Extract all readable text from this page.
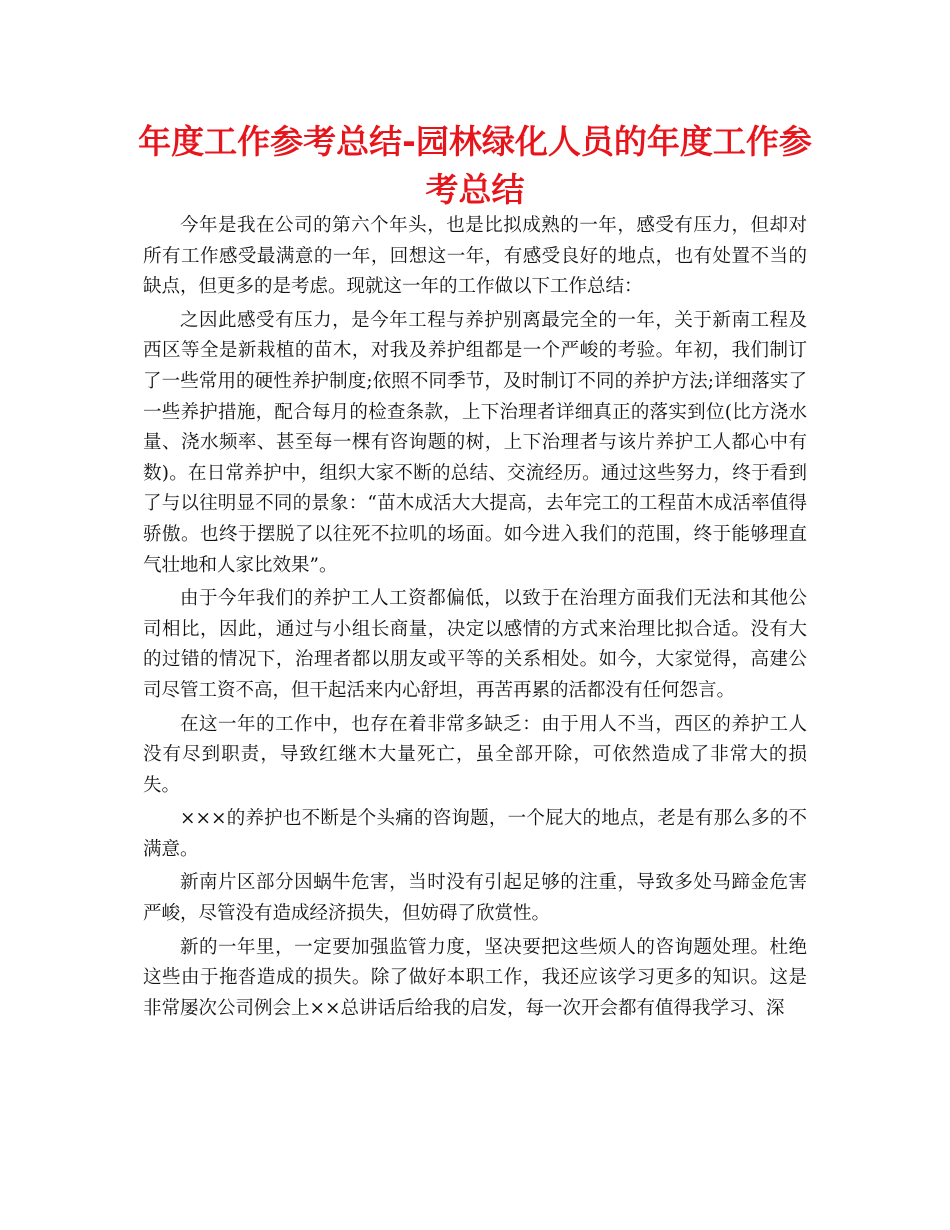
年度工作参考总结-园林绿化人员的年度工作参考总结

今年是我在公司的第六个年头，也是比拟成熟的一年，感受有压力，但却对所有工作感受最满意的一年，回想这一年，有感受良好的地点，也有处置不当的缺点，但更多的是考虑。现就这一年的工作做以下工作总结：

之因此感受有压力，是今年工程与养护别离最完全的一年，关于新南工程及西区等全是新栽植的苗木，对我及养护组都是一个严峻的考验。年初，我们制订了一些常用的硬性养护制度;依照不同季节，及时制订不同的养护方法;详细落实了一些养护措施，配合每月的检查条款，上下治理者详细真正的落实到位(比方浇水量、浇水频率、甚至每一棵有咨询题的树，上下治理者与该片养护工人都心中有数)。在日常养护中，组织大家不断的总结、交流经历。通过这些努力，终于看到了与以往明显不同的景象：“苗木成活大大提高，去年完工的工程苗木成活率值得骄傲。也终于摆脱了以往死不拉叽的场面。如今进入我们的范围，终于能够理直气壮地和人家比效果”。

由于今年我们的养护工人工资都偏低，以致于在治理方面我们无法和其他公司相比，因此，通过与小组长商量，决定以感情的方式来治理比拟合适。没有大的过错的情况下，治理者都以朋友或平等的关系相处。如今，大家觉得，高建公司尽管工资不高，但干起活来内心舒坦，再苦再累的活都没有任何怨言。

在这一年的工作中，也存在着非常多缺乏：由于用人不当，西区的养护工人没有尽到职责，导致红继木大量死亡，虽全部开除，可依然造成了非常大的损失。

×××的养护也不断是个头痛的咨询题，一个屁大的地点，老是有那么多的不满意。

新南片区部分因蜗牛危害，当时没有引起足够的注重，导致多处马蹄金危害严峻，尽管没有造成经济损失，但妨碍了欣赏性。

新的一年里，一定要加强监管力度，坚决要把这些烦人的咨询题处理。杜绝这些由于拖沓造成的损失。除了做好本职工作，我还应该学习更多的知识。这是非常屡次公司例会上××总讲话后给我的启发，每一次开会都有值得我学习、深
